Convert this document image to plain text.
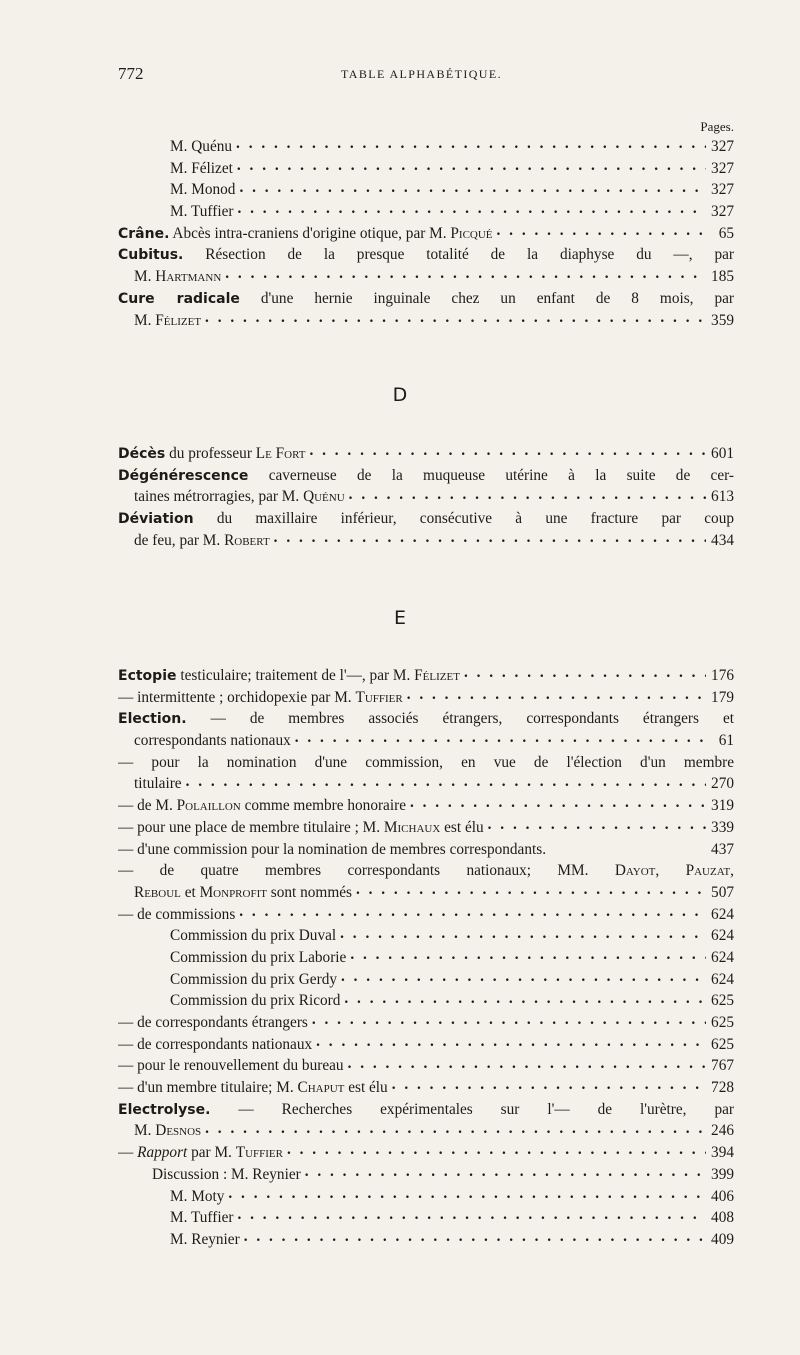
772	TABLE ALPHABÉTIQUE.
Pages.
M. Quénu . . .	327
M. Félizet . . .	327
M. Monod . . .	327
M. Tuffier . . .	327
Crâne. Abcès intra-craniens d'origine otique, par M. Picqué . . .	65
Cubitus. Résection de la presque totalité de la diaphyse du —, par
M. Hartmann . . .	185
Cure radicale d'une hernie inguinale chez un enfant de 8 mois, par
M. Félizet . . .	359
D
Décès du professeur Le Fort . . .	601
Dégénérescence caverneuse de la muqueuse utérine à la suite de cer-
taines métrorragies, par M. Quénu . . .	613
Déviation du maxillaire inférieur, consécutive à une fracture par coup
de feu, par M. Robert . . .	434
E
Ectopie testiculaire; traitement de l'—, par M. Félizet . . .	176
— intermittente ; orchidopexie par M. Tuffier . . .	179
Election. — de membres associés étrangers, correspondants étrangers et
correspondants nationaux . . .	61
— pour la nomination d'une commission, en vue de l'élection d'un membre
titulaire . . .	270
— de M. Polaillon comme membre honoraire . . .	319
— pour une place de membre titulaire ; M. Michaux est élu . . .	339
— d'une commission pour la nomination de membres correspondants.	437
— de quatre membres correspondants nationaux; MM. Dayot, Pauzat,
Reboul et Monprofit sont nommés . . .	507
— de commissions . . .	624
Commission du prix Duval . . .	624
Commission du prix Laborie . . .	624
Commission du prix Gerdy . . .	624
Commission du prix Ricord . . .	625
— de correspondants étrangers . . .	625
— de correspondants nationaux . . .	625
— pour le renouvellement du bureau . . .	767
— d'un membre titulaire; M. Chaput est élu . . .	728
Electrolyse. — Recherches expérimentales sur l'— de l'urètre, par
M. Desnos . . .	246
— Rapport par M. Tuffier . . .	394
Discussion : M. Reynier . . .	399
M. Moty . . .	406
M. Tuffier . . .	408
M. Reynier . . .	409
